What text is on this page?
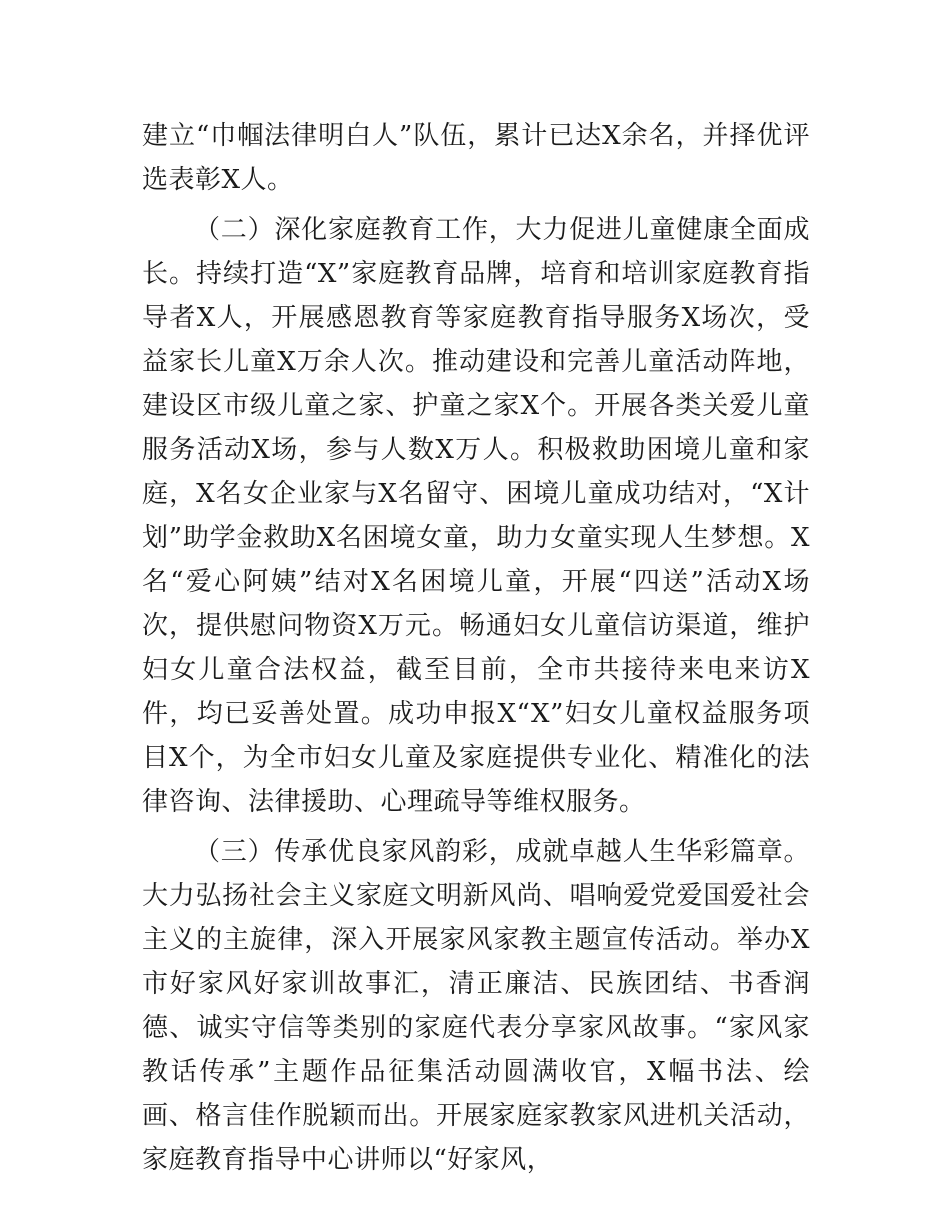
建立“巾帼法律明白人”队伍，累计已达X余名，并择优评选表彰X人。

（二）深化家庭教育工作，大力促进儿童健康全面成长。持续打造“X”家庭教育品牌，培育和培训家庭教育指导者X人，开展感恩教育等家庭教育指导服务X场次，受益家长儿童X万余人次。推动建设和完善儿童活动阵地，建设区市级儿童之家、护童之家X个。开展各类关爱儿童服务活动X场，参与人数X万人。积极救助困境儿童和家庭，X名女企业家与X名留守、困境儿童成功结对，“X计划”助学金救助X名困境女童，助力女童实现人生梦想。X名“爱心阿姨”结对X名困境儿童，开展“四送”活动X场次，提供慰问物资X万元。畅通妇女儿童信访渠道，维护妇女儿童合法权益，截至目前，全市共接待来电来访X件，均已妥善处置。成功申报X“X”妇女儿童权益服务项目X个，为全市妇女儿童及家庭提供专业化、精准化的法律咨询、法律援助、心理疏导等维权服务。

（三）传承优良家风韵彩，成就卓越人生华彩篇章。大力弘扬社会主义家庭文明新风尚、唱响爱党爱国爱社会主义的主旋律，深入开展家风家教主题宣传活动。举办X市好家风好家训故事汇，清正廉洁、民族团结、书香润德、诚实守信等类别的家庭代表分享家风故事。“家风家教话传承”主题作品征集活动圆满收官，X幅书法、绘画、格言佳作脱颖而出。开展家庭家教家风进机关活动，家庭教育指导中心讲师以“好家风，
